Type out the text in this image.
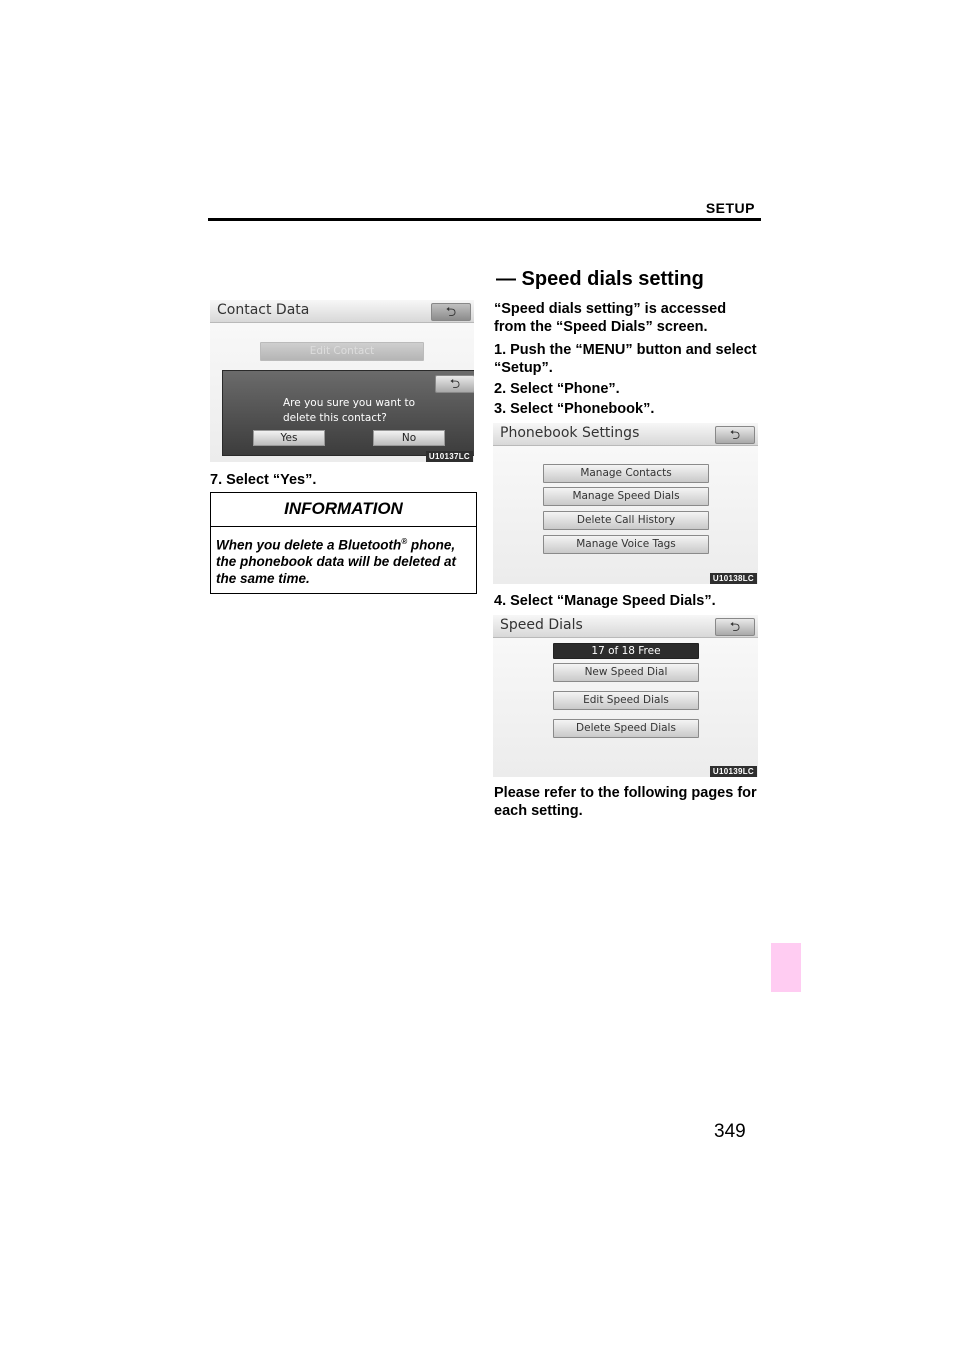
SETUP
— Speed dials setting
Contact Data	⮌
Edit Contact
⮌
Are you sure you want to delete this contact?
Yes	No
U10137LC
7. Select “Yes”.
INFORMATION
When you delete a Bluetooth® phone, the phonebook data will be deleted at the same time.
“Speed dials setting” is accessed from the “Speed Dials” screen.
1. Push the “MENU” button and select “Setup”.
2. Select “Phone”.
3. Select “Phonebook”.
Phonebook Settings	⮌
Manage Contacts
Manage Speed Dials
Delete Call History
Manage Voice Tags
U10138LC
4. Select “Manage Speed Dials”.
Speed Dials	⮌
17 of 18 Free
New Speed Dial
Edit Speed Dials
Delete Speed Dials
U10139LC
Please refer to the following pages for each setting.
349
